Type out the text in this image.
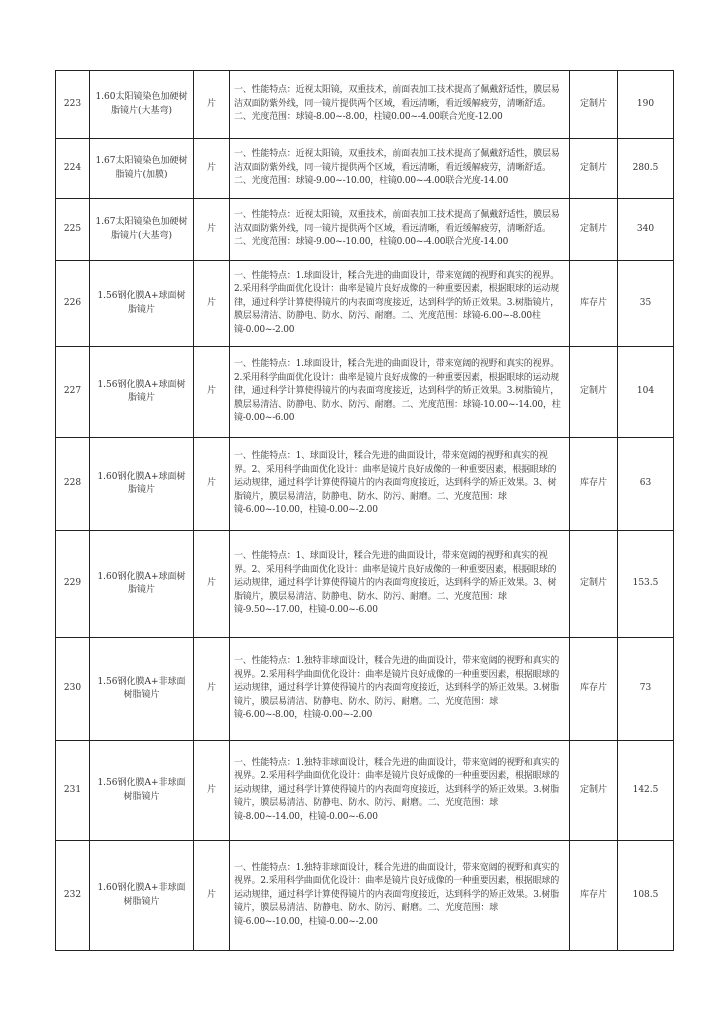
223	1.60太阳镜染色加硬树脂镜片(大基弯)	片	一、性能特点：近视太阳镜，双重技术，前面表加工技术提高了佩戴舒适性，膜层易洁双面防紫外线，同一镜片提供两个区域，看远清晰，看近缓解疲劳，清晰舒适。二、光度范围：球镜-8.00~-8.00，柱镜0.00~-4.00联合光度-12.00	定制片	190
224	1.67太阳镜染色加硬树脂镜片(加膜)	片	一、性能特点：近视太阳镜，双重技术，前面表加工技术提高了佩戴舒适性，膜层易洁双面防紫外线，同一镜片提供两个区域，看远清晰，看近缓解疲劳，清晰舒适。二、光度范围：球镜-9.00~-10.00，柱镜0.00~-4.00联合光度-14.00	定制片	280.5
225	1.67太阳镜染色加硬树脂镜片(大基弯)	片	一、性能特点：近视太阳镜，双重技术，前面表加工技术提高了佩戴舒适性，膜层易洁双面防紫外线，同一镜片提供两个区域，看远清晰，看近缓解疲劳，清晰舒适。二、光度范围：球镜-9.00~-10.00，柱镜0.00~-4.00联合光度-14.00	定制片	340
226	1.56钢化膜A+球面树脂镜片	片	一、性能特点：1.球面设计，糅合先进的曲面设计，带来宽阔的视野和真实的视界。2.采用科学曲面优化设计：曲率是镜片良好成像的一种重要因素，根据眼球的运动规律，通过科学计算使得镜片的内表面弯度接近，达到科学的矫正效果。3.树脂镜片，膜层易清洁、防静电、防水、防污、耐磨。二、光度范围：球镜-6.00~-8.00柱镜-0.00~-2.00	库存片	35
227	1.56钢化膜A+球面树脂镜片	片	一、性能特点：1.球面设计，糅合先进的曲面设计，带来宽阔的视野和真实的视界。2.采用科学曲面优化设计：曲率是镜片良好成像的一种重要因素，根据眼球的运动规律，通过科学计算使得镜片的内表面弯度接近，达到科学的矫正效果。3.树脂镜片，膜层易清洁、防静电、防水、防污、耐磨。二、光度范围：球镜-10.00~-14.00，柱镜-0.00~-6.00	定制片	104
228	1.60钢化膜A+球面树脂镜片	片	一、性能特点：1、球面设计，糅合先进的曲面设计，带来宽阔的视野和真实的视界。2、采用科学曲面优化设计：曲率是镜片良好成像的一种重要因素，根据眼球的运动规律，通过科学计算使得镜片的内表面弯度接近，达到科学的矫正效果。3、树脂镜片，膜层易清洁，防静电、防水、防污、耐磨。二、光度范围：球镜-6.00~-10.00，柱镜-0.00~-2.00	库存片	63
229	1.60钢化膜A+球面树脂镜片	片	一、性能特点：1、球面设计，糅合先进的曲面设计，带来宽阔的视野和真实的视界。2、采用科学曲面优化设计：曲率是镜片良好成像的一种重要因素，根据眼球的运动规律，通过科学计算使得镜片的内表面弯度接近，达到科学的矫正效果。3、树脂镜片，膜层易清洁、防静电、防水、防污、耐磨。二、光度范围：球镜-9.50~-17.00，柱镜-0.00~-6.00	定制片	153.5
230	1.56钢化膜A+非球面树脂镜片	片	一、性能特点：1.独特非球面设计，糅合先进的曲面设计，带来宽阔的视野和真实的视界。2.采用科学曲面优化设计：曲率是镜片良好成像的一种重要因素，根据眼球的运动规律，通过科学计算使得镜片的内表面弯度接近，达到科学的矫正效果。3.树脂镜片，膜层易清洁、防静电、防水、防污、耐磨。二、光度范围：球镜-6.00~-8.00，柱镜-0.00~-2.00	库存片	73
231	1.56钢化膜A+非球面树脂镜片	片	一、性能特点：1.独特非球面设计，糅合先进的曲面设计，带来宽阔的视野和真实的视界。2.采用科学曲面优化设计：曲率是镜片良好成像的一种重要因素，根据眼球的运动规律，通过科学计算使得镜片的内表面弯度接近，达到科学的矫正效果。3.树脂镜片，膜层易清洁、防静电、防水、防污、耐磨。二、光度范围：球镜-8.00~-14.00，柱镜-0.00~-6.00	定制片	142.5
232	1.60钢化膜A+非球面树脂镜片	片	一、性能特点：1.独特非球面设计，糅合先进的曲面设计，带来宽阔的视野和真实的视界。2.采用科学曲面优化设计：曲率是镜片良好成像的一种重要因素，根据眼球的运动规律，通过科学计算使得镜片的内表面弯度接近，达到科学的矫正效果。3.树脂镜片，膜层易清洁、防静电、防水、防污、耐磨。二、光度范围：球镜-6.00~-10.00，柱镜-0.00~-2.00	库存片	108.5
